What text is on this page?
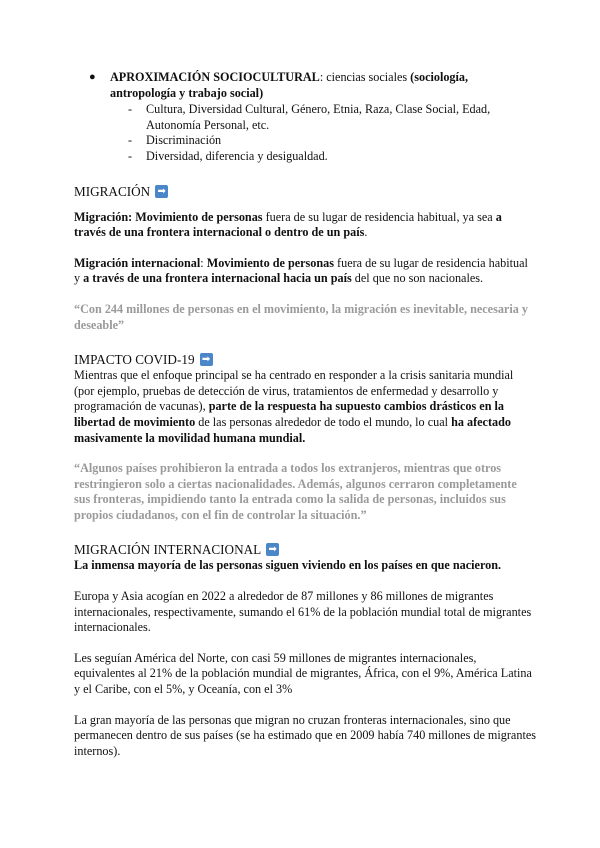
● APROXIMACIÓN SOCIOCULTURAL: ciencias sociales (sociología, antropología y trabajo social)
- Cultura, Diversidad Cultural, Género, Etnia, Raza, Clase Social, Edad, Autonomía Personal, etc.
- Discriminación
- Diversidad, diferencia y desigualdad.
MIGRACIÓN ➡

Migración: Movimiento de personas fuera de su lugar de residencia habitual, ya sea a través de una frontera internacional o dentro de un país.

Migración internacional: Movimiento de personas fuera de su lugar de residencia habitual y a través de una frontera internacional hacia un país del que no son nacionales.

“Con 244 millones de personas en el movimiento, la migración es inevitable, necesaria y deseable”

IMPACTO COVID-19 ➡

Mientras que el enfoque principal se ha centrado en responder a la crisis sanitaria mundial (por ejemplo, pruebas de detección de virus, tratamientos de enfermedad y desarrollo y programación de vacunas), parte de la respuesta ha supuesto cambios drásticos en la libertad de movimiento de las personas alrededor de todo el mundo, lo cual ha afectado masivamente la movilidad humana mundial.

“Algunos países prohibieron la entrada a todos los extranjeros, mientras que otros restringieron solo a ciertas nacionalidades. Además, algunos cerraron completamente sus fronteras, impidiendo tanto la entrada como la salida de personas, incluidos sus propios ciudadanos, con el fin de controlar la situación.”

MIGRACIÓN INTERNACIONAL ➡

La inmensa mayoría de las personas siguen viviendo en los países en que nacieron.

Europa y Asia acogían en 2022 a alrededor de 87 millones y 86 millones de migrantes internacionales, respectivamente, sumando el 61% de la población mundial total de migrantes internacionales.

Les seguían América del Norte, con casi 59 millones de migrantes internacionales, equivalentes al 21% de la población mundial de migrantes, África, con el 9%, América Latina y el Caribe, con el 5%, y Oceanía, con el 3%

La gran mayoría de las personas que migran no cruzan fronteras internacionales, sino que permanecen dentro de sus países (se ha estimado que en 2009 había 740 millones de migrantes internos).
